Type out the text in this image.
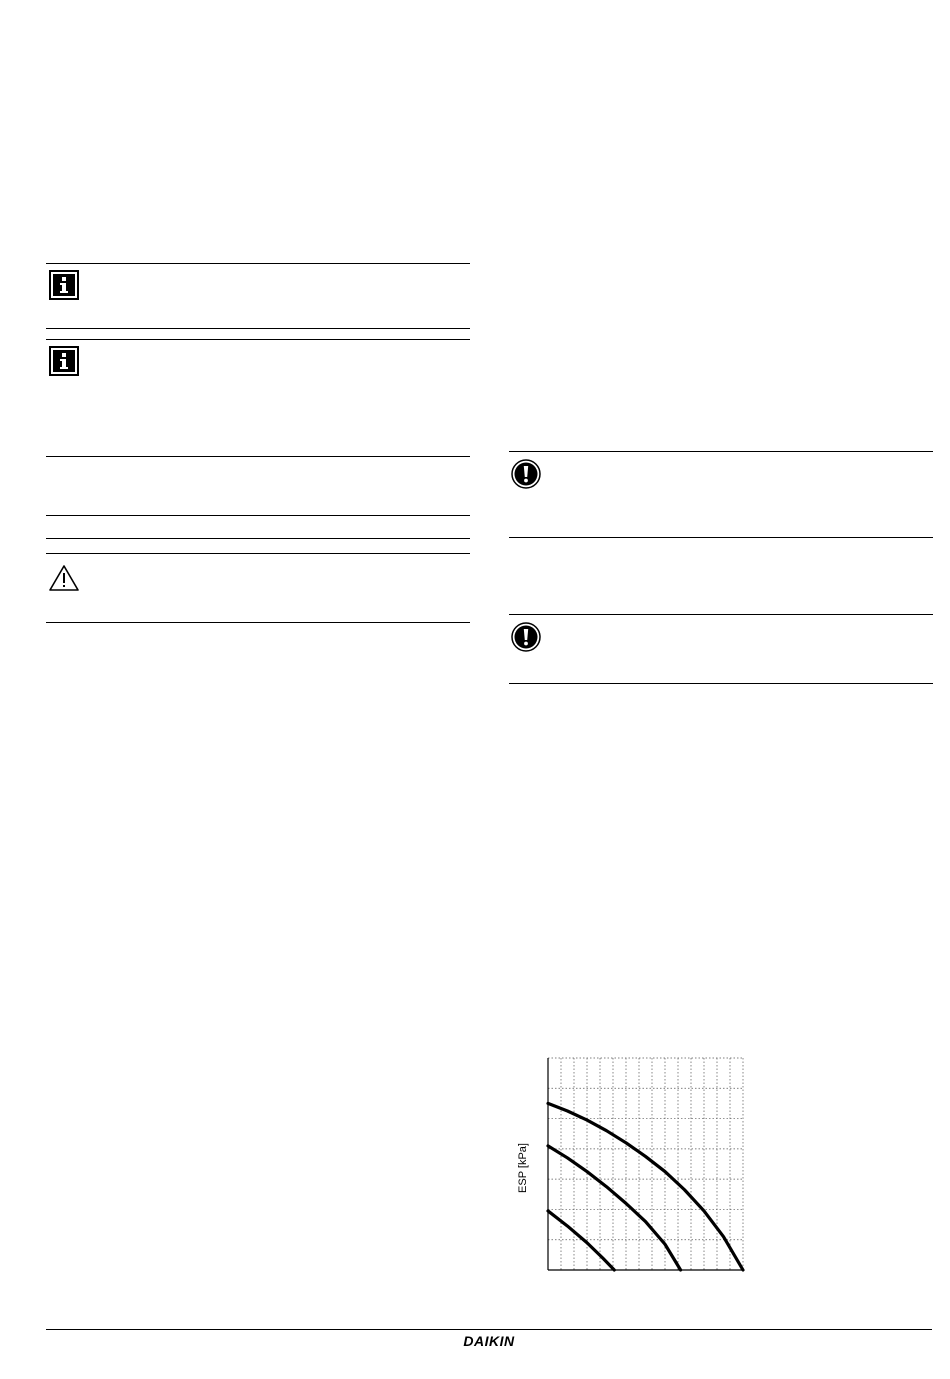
ESP [kPa]
DAIKIN
